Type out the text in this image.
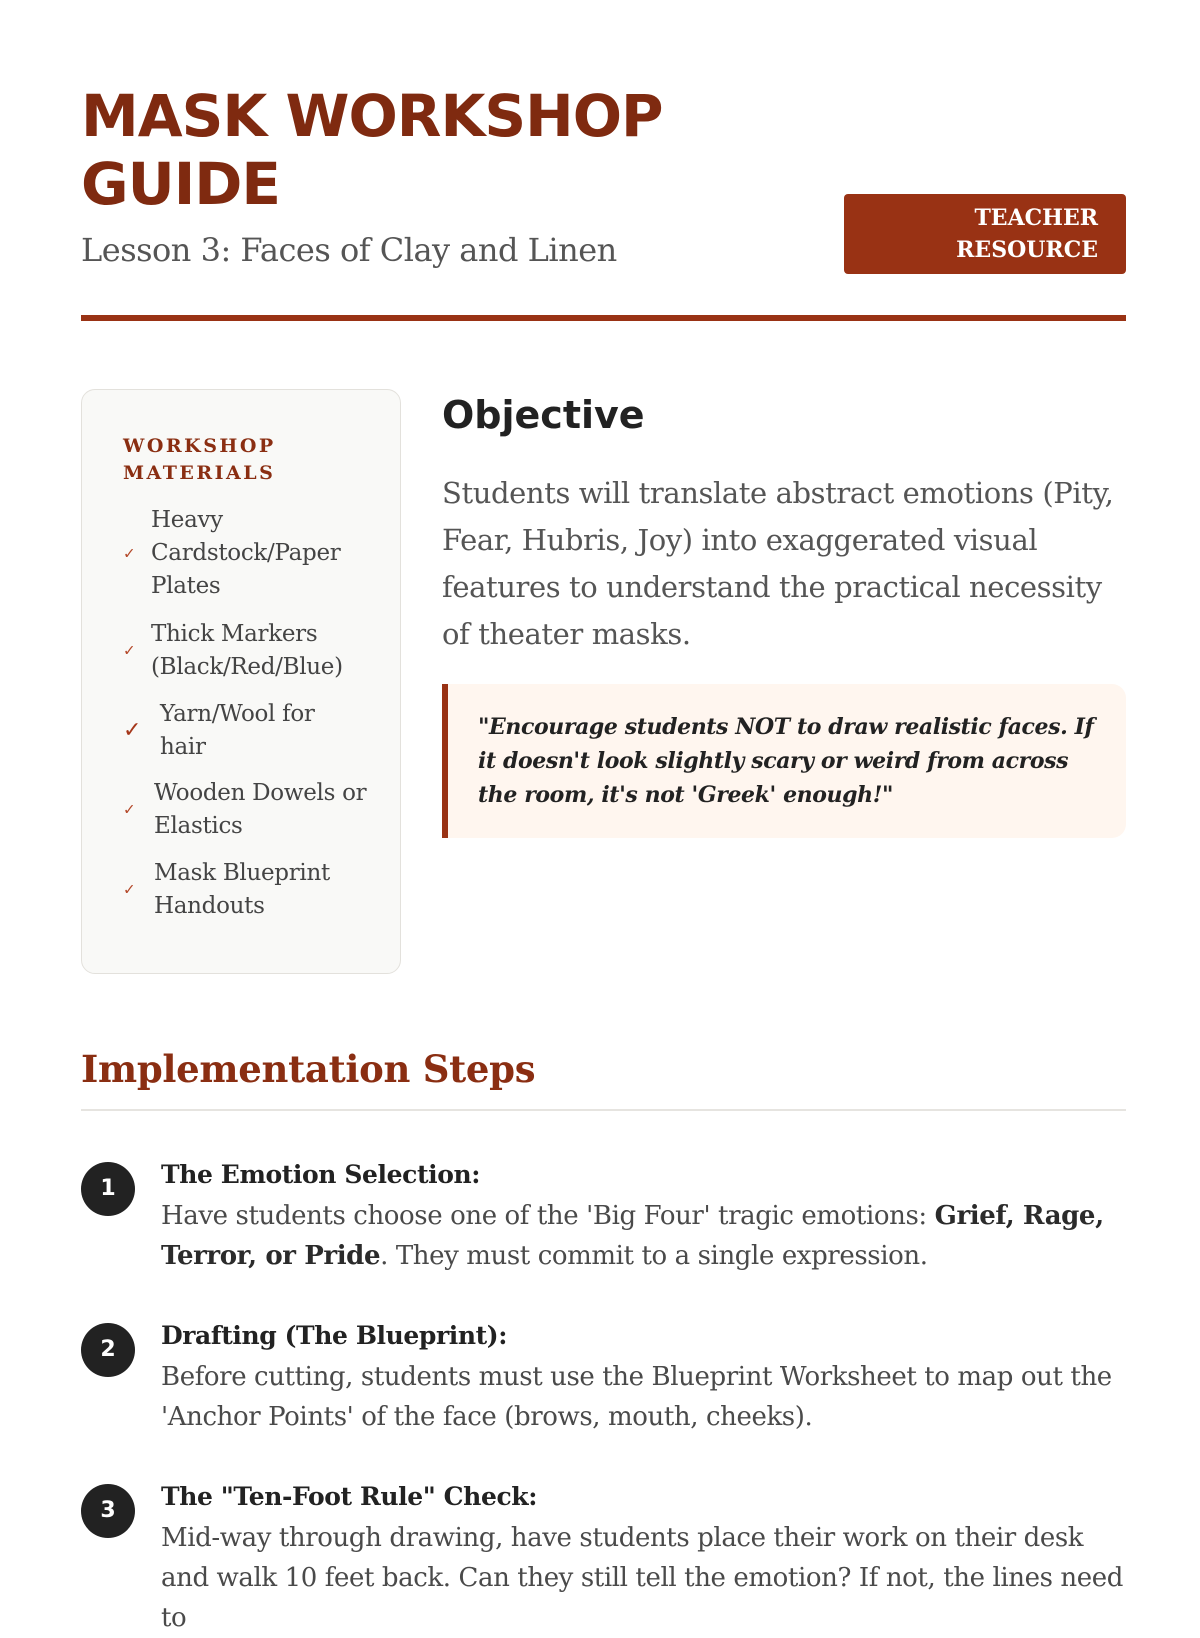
MASK WORKSHOP GUIDE
Lesson 3: Faces of Clay and Linen
TEACHER RESOURCE
WORKSHOP MATERIALS
✓
Heavy Cardstock/Paper Plates
✓
Thick Markers (Black/Red/Blue)
✓
Yarn/Wool for hair
✓
Wooden Dowels or Elastics
✓
Mask Blueprint Handouts
Objective

Students will translate abstract emotions (Pity, Fear, Hubris, Joy) into exaggerated visual features to understand the practical necessity of theater masks.

"Encourage students NOT to draw realistic faces. If it doesn't look slightly scary or weird from across the room, it's not 'Greek' enough!"
Implementation Steps
1	The Emotion Selection:
Have students choose one of the 'Big Four' tragic emotions: Grief, Rage, Terror, or Pride. They must commit to a single expression.
2	Drafting (The Blueprint):
Before cutting, students must use the Blueprint Worksheet to map out the 'Anchor Points' of the face (brows, mouth, cheeks).
3	The "Ten-Foot Rule" Check:
Mid-way through drawing, have students place their work on their desk and walk 10 feet back. Can they still tell the emotion? If not, the lines need to
